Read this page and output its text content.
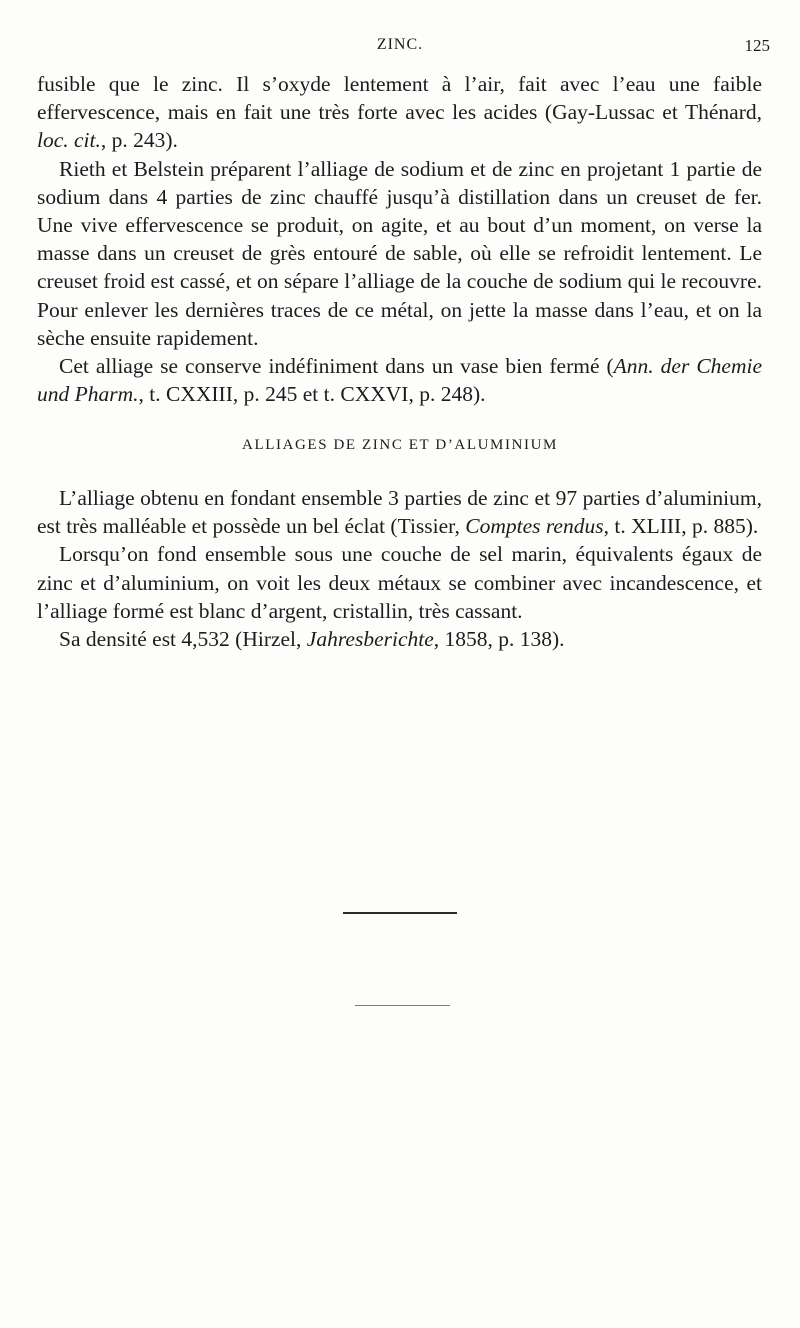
ZINC.	125

fusible que le zinc. Il s’oxyde lentement à l’air, fait avec l’eau une faible effervescence, mais en fait une très forte avec les acides (Gay-Lussac et Thénard, loc. cit., p. 243).

Rieth et Belstein préparent l’alliage de sodium et de zinc en projetant 1 partie de sodium dans 4 parties de zinc chauffé jusqu’à distillation dans un creuset de fer. Une vive effervescence se produit, on agite, et au bout d’un moment, on verse la masse dans un creuset de grès entouré de sable, où elle se refroidit lentement. Le creuset froid est cassé, et on sépare l’alliage de la couche de sodium qui le recouvre. Pour enlever les dernières traces de ce métal, on jette la masse dans l’eau, et on la sèche ensuite rapidement.

Cet alliage se conserve indéfiniment dans un vase bien fermé (Ann. der Chemie und Pharm., t. CXXIII, p. 245 et t. CXXVI, p. 248).

ALLIAGES DE ZINC ET D’ALUMINIUM

L’alliage obtenu en fondant ensemble 3 parties de zinc et 97 parties d’aluminium, est très malléable et possède un bel éclat (Tissier, Comptes rendus, t. XLIII, p. 885).

Lorsqu’on fond ensemble sous une couche de sel marin, équivalents égaux de zinc et d’aluminium, on voit les deux métaux se combiner avec incandescence, et l’alliage formé est blanc d’argent, cristallin, très cassant.

Sa densité est 4,532 (Hirzel, Jahresberichte, 1858, p. 138).
